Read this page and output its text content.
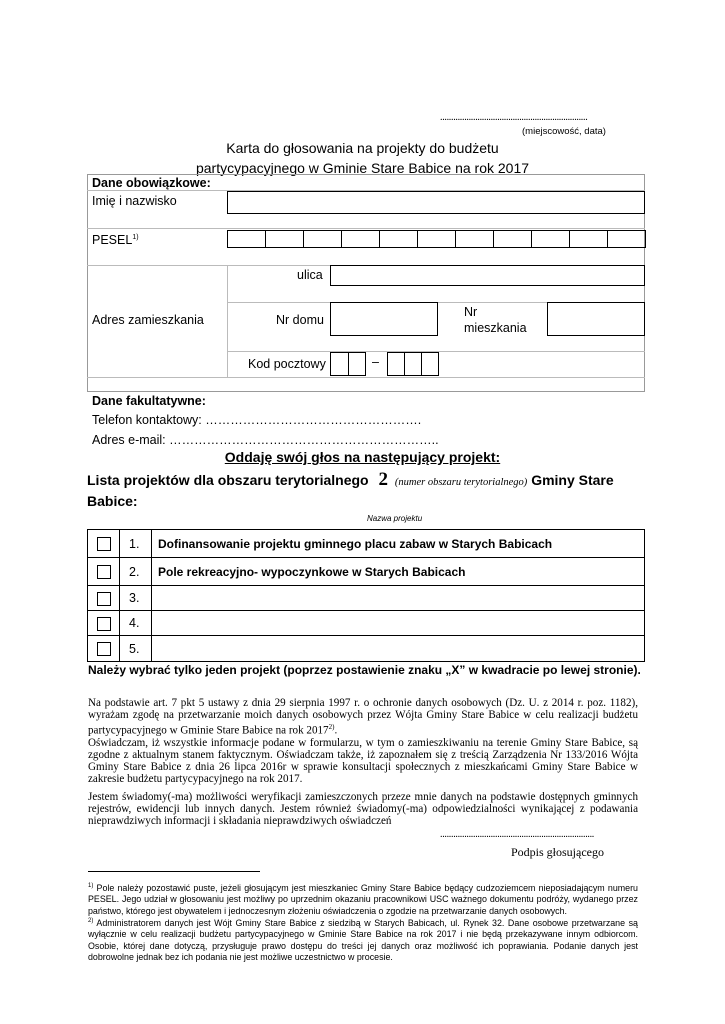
...................................................................
(miejscowość, data)
Karta do głosowania na projekty do budżetu
partycypacyjnego w Gminie Stare Babice na rok 2017
Dane obowiązkowe:
Imię i nazwisko
PESEL$^{1)}$
Adres zamieszkania
ulica
Nr domu
Nr
mieszkania
Kod pocztowy	–
Dane fakultatywne:
Telefon kontaktowy: …………………………………………….
Adres e-mail: ………………………………………………………..
Oddaję swój głos na następujący projekt:
Lista projektów dla obszaru terytorialnego 2 (numer obszaru terytorialnego) Gminy Stare
Babice:
Nazwa projektu
1. Dofinansowanie projektu gminnego placu zabaw w Starych Babicach
2. Pole rekreacyjno- wypoczynkowe w Starych Babicach
3.
4.
5.
Należy wybrać tylko jeden projekt (poprzez postawienie znaku „X” w kwadracie po lewej stronie).
Na podstawie art. 7 pkt 5 ustawy z dnia 29 sierpnia 1997 r. o ochronie danych osobowych (Dz. U. z 2014 r. poz. 1182), wyrażam zgodę na przetwarzanie moich danych osobowych przez Wójta Gminy Stare Babice w celu realizacji budżetu partycypacyjnego w Gminie Stare Babice na rok 2017$^{2)}$.
Oświadczam, iż wszystkie informacje podane w formularzu, w tym o zamieszkiwaniu na terenie Gminy Stare Babice, są zgodne z aktualnym stanem faktycznym. Oświadczam także, iż zapoznałem się z treścią Zarządzenia Nr 133/2016 Wójta Gminy Stare Babice z dnia 26 lipca 2016r w sprawie konsultacji społecznych z mieszkańcami Gminy Stare Babice w zakresie budżetu partycypacyjnego na rok 2017.
Jestem świadomy(-ma) możliwości weryfikacji zamieszczonych przeze mnie danych na podstawie dostępnych gminnych rejestrów, ewidencji lub innych danych. Jestem również świadomy(-ma) odpowiedzialności wynikającej z podawania nieprawdziwych informacji i składania nieprawdziwych oświadczeń
......................................................................
Podpis głosującego
$^{1)}$ Pole należy pozostawić puste, jeżeli głosującym jest mieszkaniec Gminy Stare Babice będący cudzoziemcem nieposiadającym numeru PESEL. Jego udział w głosowaniu jest możliwy po uprzednim okazaniu pracownikowi USC ważnego dokumentu podróży, wydanego przez państwo, którego jest obywatelem i jednoczesnym złożeniu oświadczenia o zgodzie na przetwarzanie danych osobowych.
$^{2)}$ Administratorem danych jest Wójt Gminy Stare Babice z siedzibą w Starych Babicach, ul. Rynek 32. Dane osobowe przetwarzane są wyłącznie w celu realizacji budżetu partycypacyjnego w Gminie Stare Babice na rok 2017 i nie będą przekazywane innym odbiorcom. Osobie, której dane dotyczą, przysługuje prawo dostępu do treści jej danych oraz możliwość ich poprawiania. Podanie danych jest dobrowolne jednak bez ich podania nie jest możliwe uczestnictwo w procesie.
